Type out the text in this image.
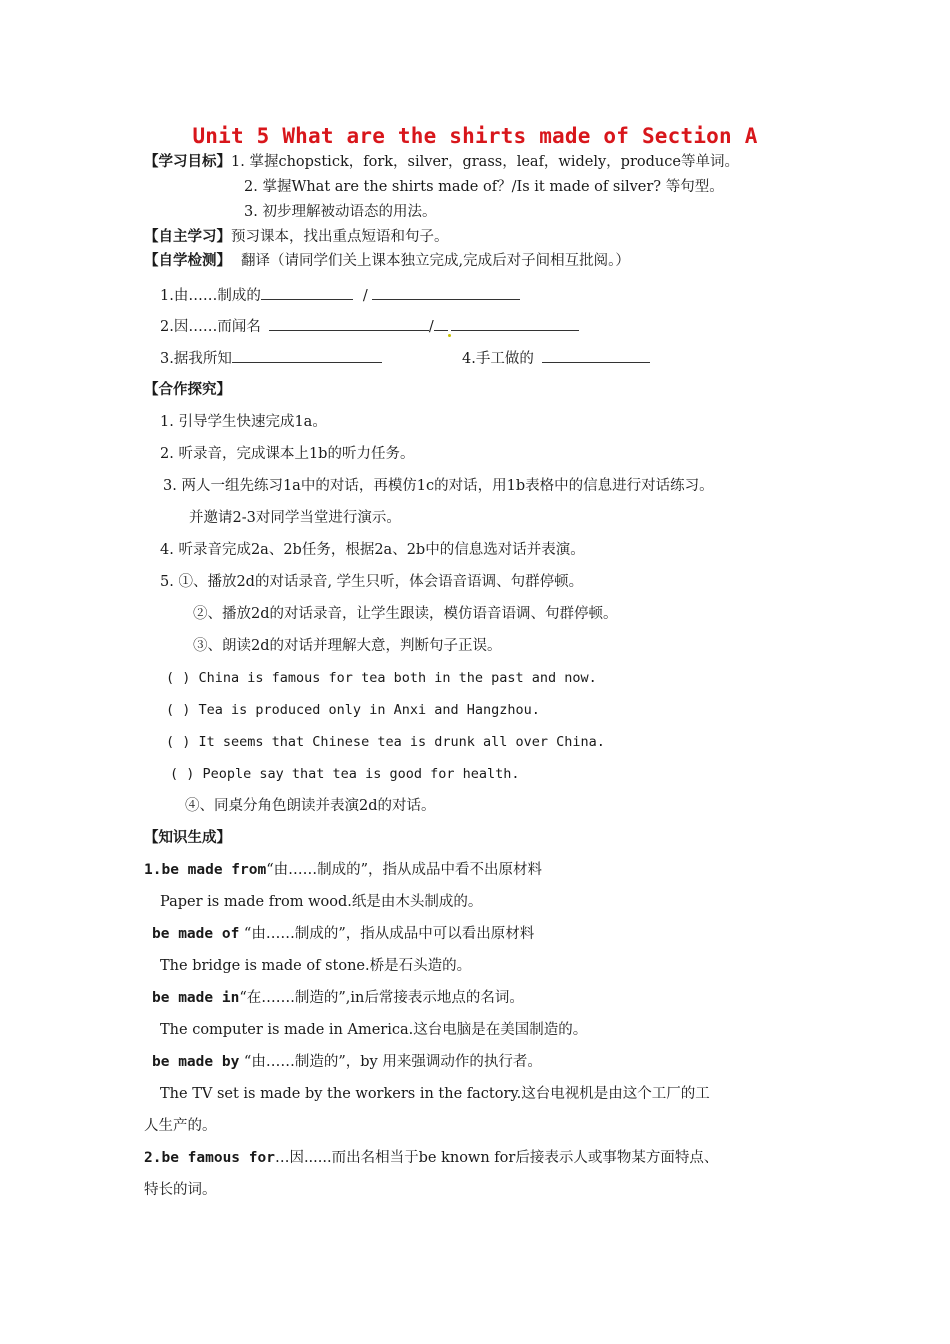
Unit 5 What are the shirts made of Section A
【学习目标】1. 掌握chopstick，fork，silver，grass，leaf，widely，produce等单词。
2. 掌握What are the shirts made of？/Is it made of silver? 等句型。
3. 初步理解被动语态的用法。
【自主学习】预习课本，找出重点短语和句子。
【自学检测】 翻译（请同学们关上课本独立完成,完成后对子间相互批阅。）
1.由……制成的	/
2.因……而闻名	/
3.据我所知	4.手工做的
【合作探究】
1. 引导学生快速完成1a。
2. 听录音，完成课本上1b的听力任务。
3. 两人一组先练习1a中的对话，再模仿1c的对话，用1b表格中的信息进行对话练习。
并邀请2-3对同学当堂进行演示。
4. 听录音完成2a、2b任务，根据2a、2b中的信息选对话并表演。
5. ①、播放2d的对话录音, 学生只听，体会语音语调、句群停顿。
②、播放2d的对话录音，让学生跟读，模仿语音语调、句群停顿。
③、朗读2d的对话并理解大意，判断句子正误。
( ) China is famous for tea both in the past and now.
( ) Tea is produced only in Anxi and Hangzhou.
( ) It seems that Chinese tea is drunk all over China.
( ) People say that tea is good for health.
④、同桌分角色朗读并表演2d的对话。
【知识生成】
1.be made from“由……制成的”，指从成品中看不出原材料
Paper is made from wood.纸是由木头制成的。
be made of “由……制成的”，指从成品中可以看出原材料
The bridge is made of stone.桥是石头造的。
be made in“在…….制造的”,in后常接表示地点的名词。
The computer is made in America.这台电脑是在美国制造的。
be made by “由……制造的”，by 用来强调动作的执行者。
The TV set is made by the workers in the factory.这台电视机是由这个工厂的工
人生产的。
2.be famous for…因......而出名相当于be known for后接表示人或事物某方面特点、
特长的词。
